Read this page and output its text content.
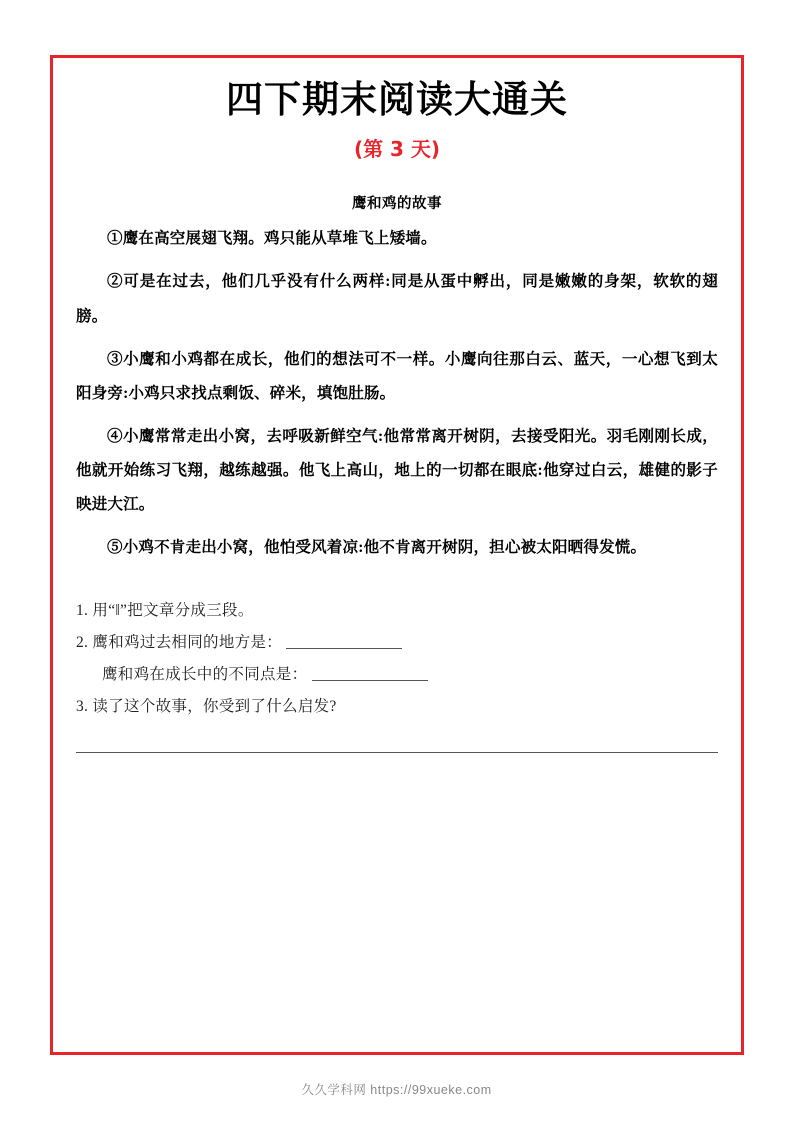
四下期末阅读大通关
(第 3 天)
鹰和鸡的故事
①鹰在高空展翅飞翔。鸡只能从草堆飞上矮墙。
②可是在过去，他们几乎没有什么两样:同是从蛋中孵出，同是嫩嫩的身架，软软的翅膀。
③小鹰和小鸡都在成长，他们的想法可不一样。小鹰向往那白云、蓝天，一心想飞到太阳身旁:小鸡只求找点剩饭、碎米，填饱肚肠。
④小鹰常常走出小窝，去呼吸新鲜空气:他常常离开树阴，去接受阳光。羽毛刚刚长成，他就开始练习飞翔，越练越强。他飞上高山，地上的一切都在眼底:他穿过白云，雄健的影子映进大江。
⑤小鸡不肯走出小窝，他怕受风着凉:他不肯离开树阴，担心被太阳晒得发慌。
1. 用“‖”把文章分成三段。
2. 鹰和鸡过去相同的地方是：
鹰和鸡在成长中的不同点是：
3. 读了这个故事，你受到了什么启发?
久久学科网 https://99xueke.com
